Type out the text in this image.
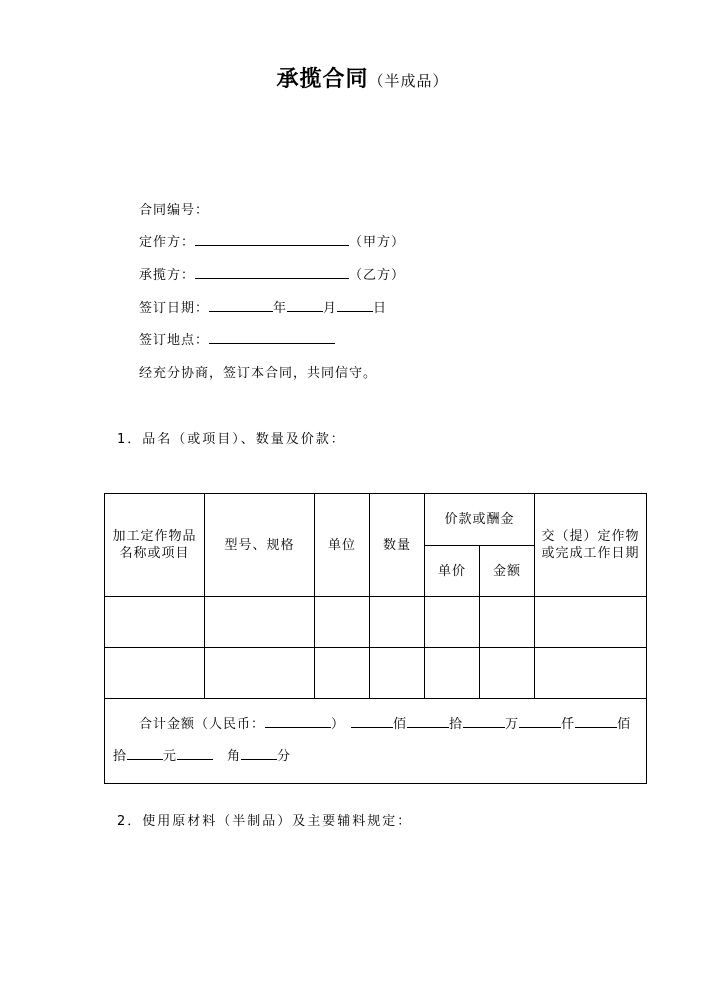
承揽合同（半成品）
合同编号：
定作方：	（甲方）
承揽方：	（乙方）
签订日期：	年	月	日
签订地点：
经充分协商，签订本合同，共同信守。
1．品名（或项目）、数量及价款：
加工定作物品名称或项目	型号、规格	单位	数量	价款或酬金		交（提）定作物或完成工作日期
				单价	金额	

合计金额（人民币： ） 佰 拾 万 仟 佰
拾 元 角 分						
2．使用原材料（半制品）及主要辅料规定：
